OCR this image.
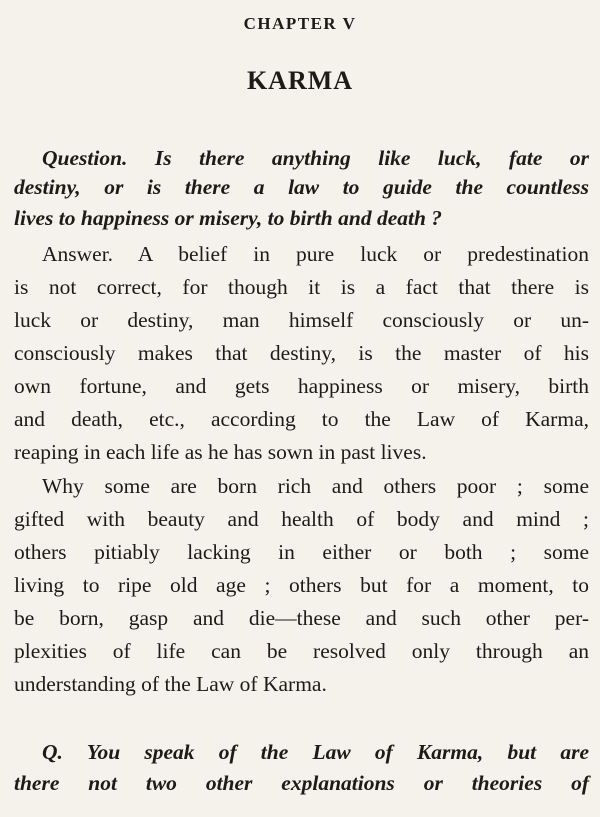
CHAPTER V
KARMA
Question. Is there anything like luck, fate or
destiny, or is there a law to guide the countless
lives to happiness or misery, to birth and death ?
Answer. A belief in pure luck or predestination
is not correct, for though it is a fact that there is
luck or destiny, man himself consciously or un-
consciously makes that destiny, is the master of his
own fortune, and gets happiness or misery, birth
and death, etc., according to the Law of Karma,
reaping in each life as he has sown in past lives.
Why some are born rich and others poor ; some
gifted with beauty and health of body and mind ;
others pitiably lacking in either or both ; some
living to ripe old age ; others but for a moment, to
be born, gasp and die—these and such other per-
plexities of life can be resolved only through an
understanding of the Law of Karma.
Q. You speak of the Law of Karma, but are
there not two other explanations or theories of
